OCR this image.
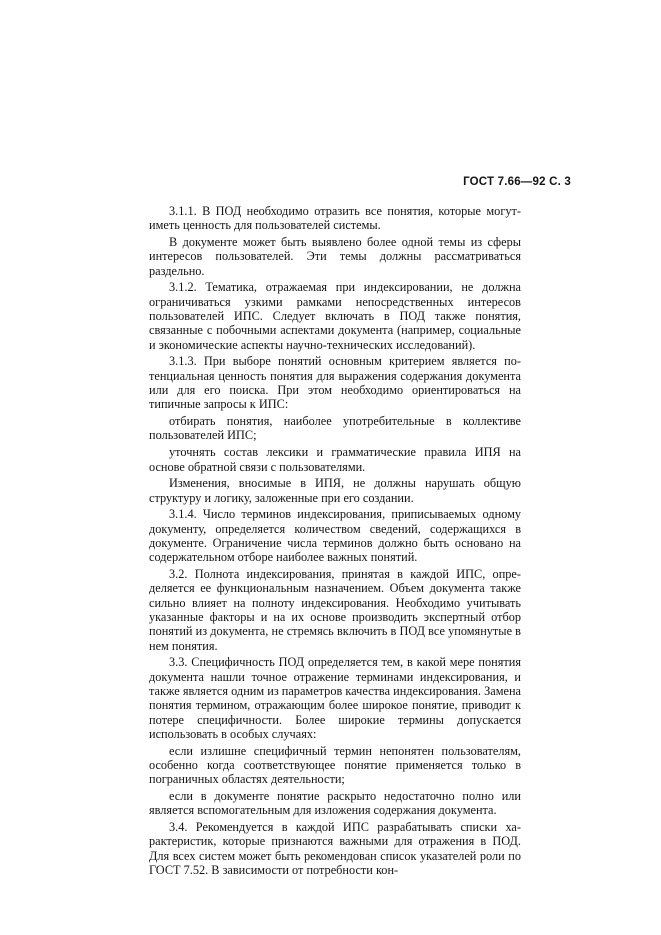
ГОСТ 7.66—92 С. 3

3.1.1. В ПОД необходимо отразить все понятия, которые могутиметь ценность для пользователей системы.

В документе может быть выявлено более одной темы из сферы интересов пользователей. Эти темы должны рассматриваться раздельно.

3.1.2. Тематика, отражаемая при индексировании, не должна ограничиваться узкими рамками непосредственных интересов пользователей ИПС. Следует включать в ПОД также понятия, связанные с побочными аспектами документа (например, социальные и экономические аспекты научно-технических исследований).

3.1.3. При выборе понятий основным критерием является потенциальная ценность понятия для выражения содержания документа или для его поиска. При этом необходимо ориентироваться на типичные запросы к ИПС:

отбирать понятия, наиболее употребительные в коллективе пользователей ИПС;

уточнять состав лексики и грамматические правила ИПЯ на основе обратной связи с пользователями.

Изменения, вносимые в ИПЯ, не должны нарушать общую структуру и логику, заложенные при его создании.

3.1.4. Число терминов индексирования, приписываемых одному документу, определяется количеством сведений, содержащихся в документе. Ограничение числа терминов должно быть основано на содержательном отборе наиболее важных понятий.

3.2. Полнота индексирования, принятая в каждой ИПС, определяется ее функциональным назначением. Объем документа также сильно влияет на полноту индексирования. Необходимо учитывать указанные факторы и на их основе производить экспертный отбор понятий из документа, не стремясь включить в ПОД все упомянутые в нем понятия.

3.3. Специфичность ПОД определяется тем, в какой мере понятия документа нашли точное отражение терминами индексирования, и также является одним из параметров качества индексирования. Замена понятия термином, отражающим более широкое понятие, приводит к потере специфичности. Более широкие термины допускается использовать в особых случаях:

если излишне специфичный термин непонятен пользователям, особенно когда соответствующее понятие применяется только в пограничных областях деятельности;

если в документе понятие раскрыто недостаточно полно или является вспомогательным для изложения содержания документа.

3.4. Рекомендуется в каждой ИПС разрабатывать списки характеристик, которые признаются важными для отражения в ПОД. Для всех систем может быть рекомендован список указателей роли по ГОСТ 7.52. В зависимости от потребности кон-
